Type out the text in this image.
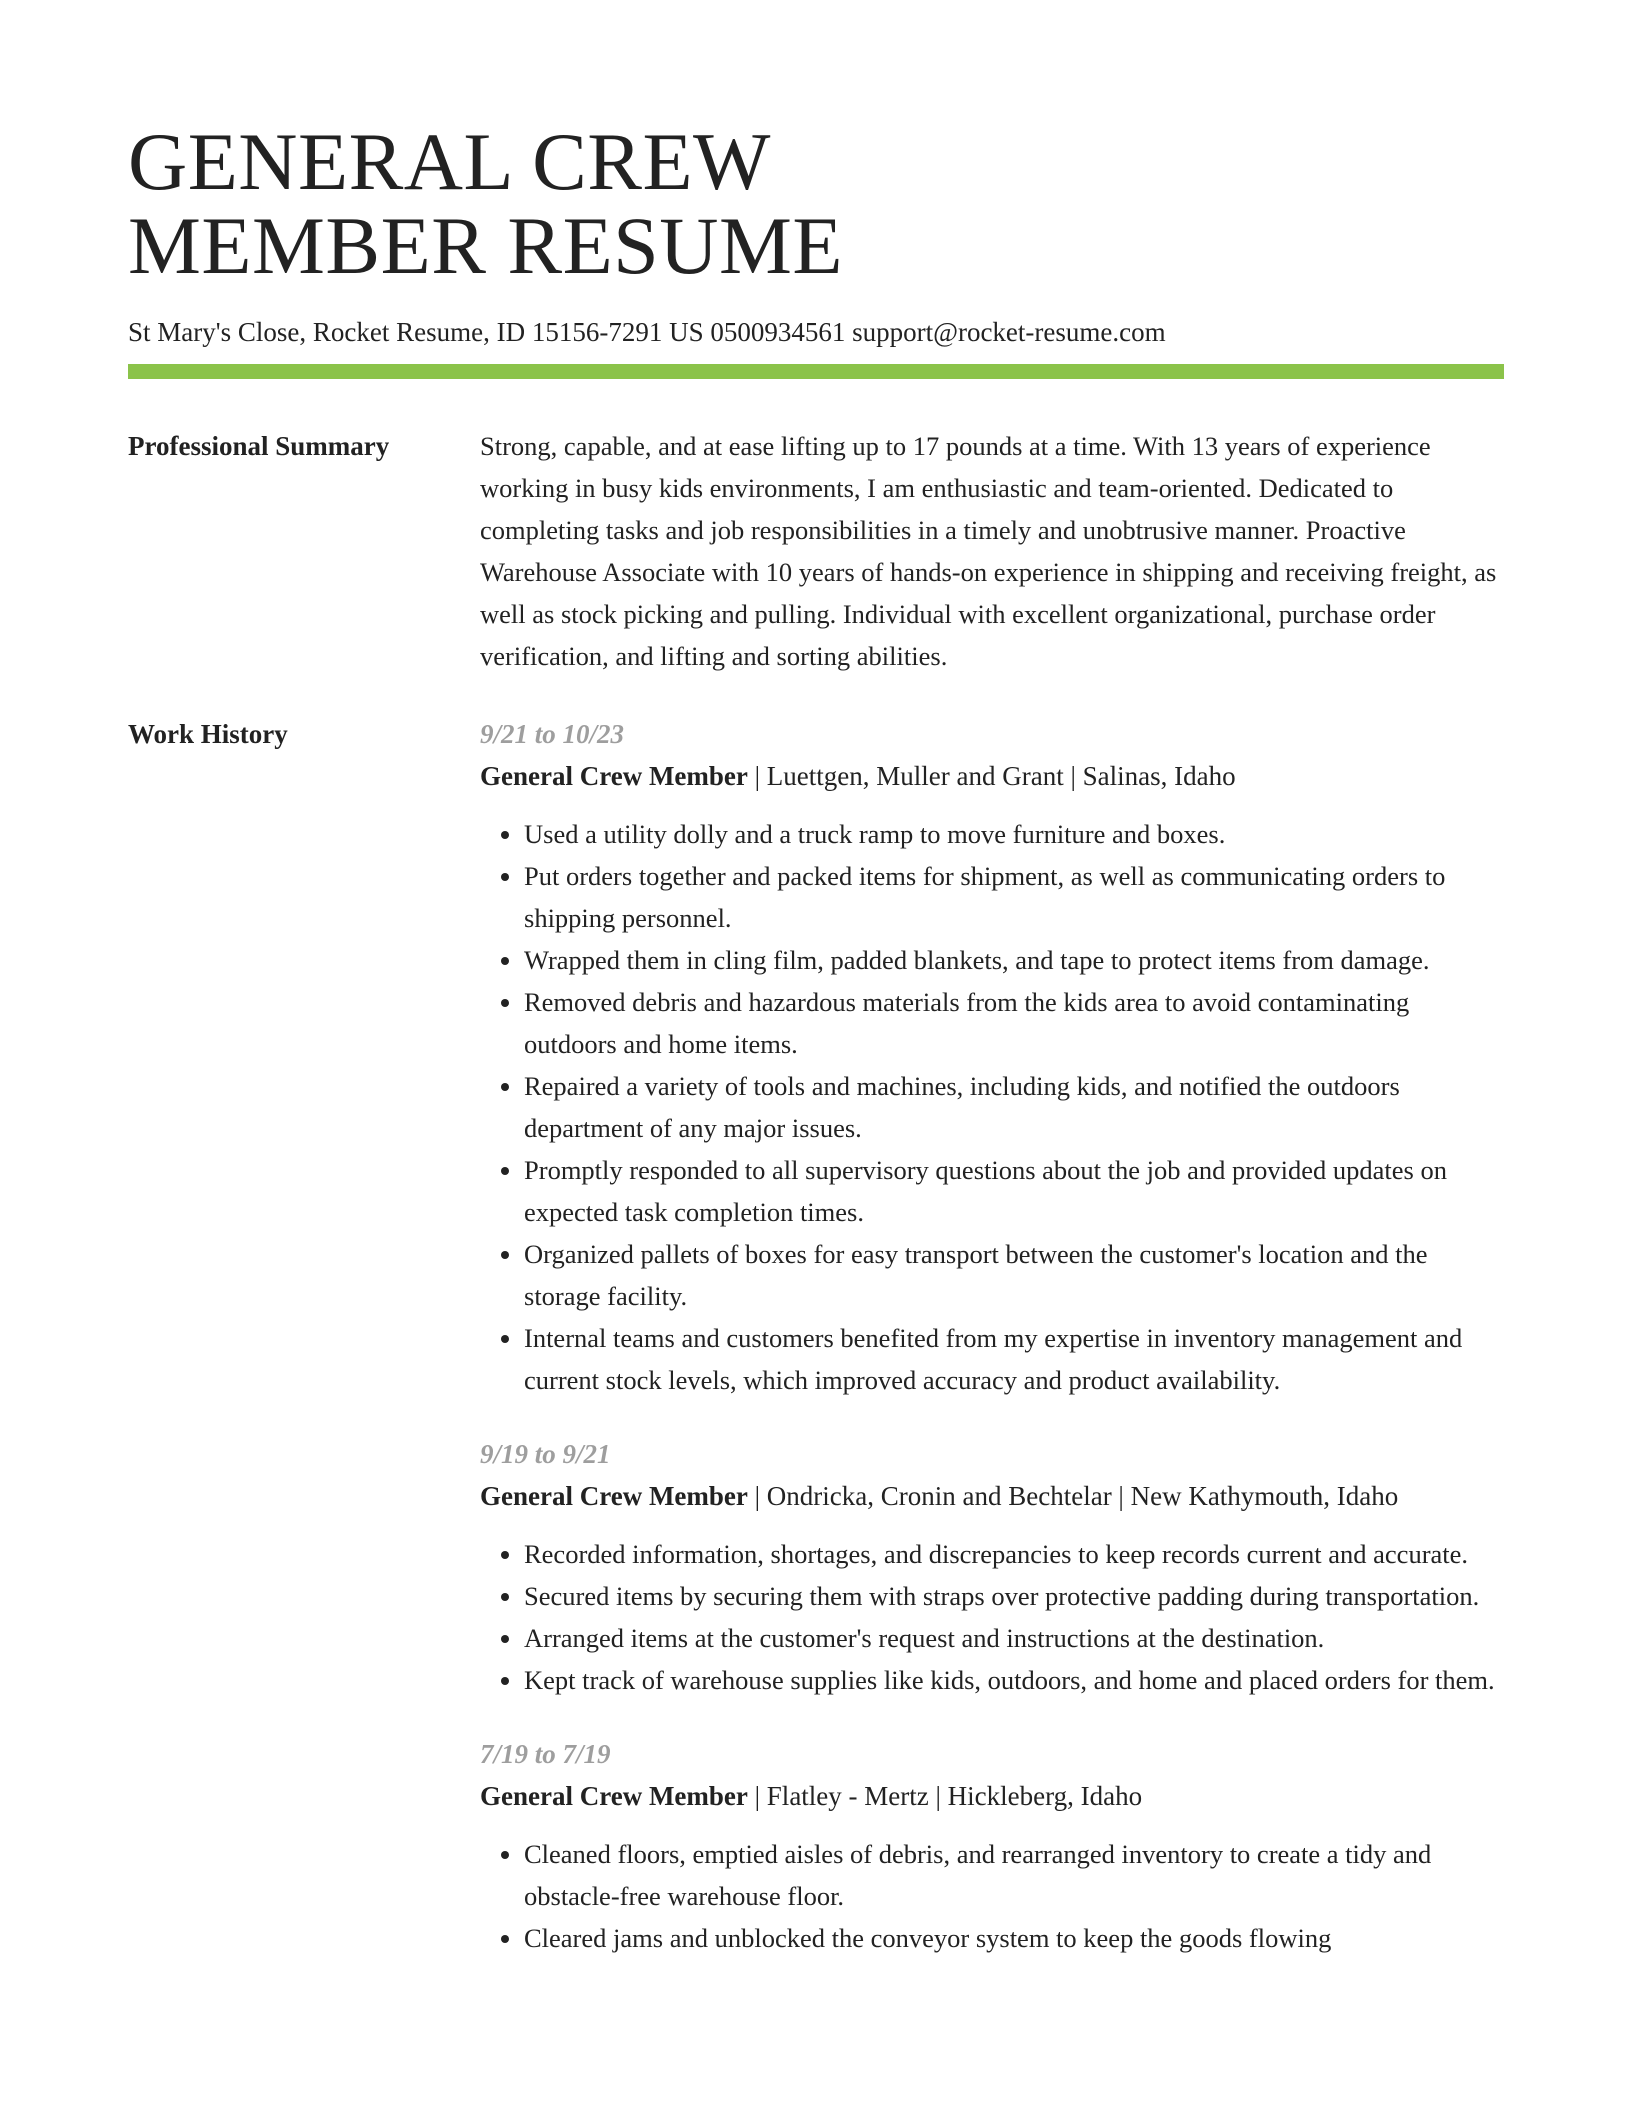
GENERAL CREW
MEMBER RESUME
St Mary's Close, Rocket Resume, ID 15156-7291 US 0500934561 support@rocket-resume.com
Professional Summary	Strong, capable, and at ease lifting up to 17 pounds at a time. With 13 years of experience working in busy kids environments, I am enthusiastic and team-oriented. Dedicated to completing tasks and job responsibilities in a timely and unobtrusive manner. Proactive Warehouse Associate with 10 years of hands-on experience in shipping and receiving freight, as well as stock picking and pulling. Individual with excellent organizational, purchase order verification, and lifting and sorting abilities.

Work History	9/21 to 10/23
General Crew Member | Luettgen, Muller and Grant | Salinas, Idaho
• Used a utility dolly and a truck ramp to move furniture and boxes.
• Put orders together and packed items for shipment, as well as communicating orders to shipping personnel.
• Wrapped them in cling film, padded blankets, and tape to protect items from damage.
• Removed debris and hazardous materials from the kids area to avoid contaminating outdoors and home items.
• Repaired a variety of tools and machines, including kids, and notified the outdoors department of any major issues.
• Promptly responded to all supervisory questions about the job and provided updates on expected task completion times.
• Organized pallets of boxes for easy transport between the customer's location and the storage facility.
• Internal teams and customers benefited from my expertise in inventory management and current stock levels, which improved accuracy and product availability.
9/19 to 9/21
General Crew Member | Ondricka, Cronin and Bechtelar | New Kathymouth, Idaho
• Recorded information, shortages, and discrepancies to keep records current and accurate.
• Secured items by securing them with straps over protective padding during transportation.
• Arranged items at the customer's request and instructions at the destination.
• Kept track of warehouse supplies like kids, outdoors, and home and placed orders for them.
7/19 to 7/19
General Crew Member | Flatley - Mertz | Hickleberg, Idaho
• Cleaned floors, emptied aisles of debris, and rearranged inventory to create a tidy and obstacle-free warehouse floor.
• Cleared jams and unblocked the conveyor system to keep the goods flowing
